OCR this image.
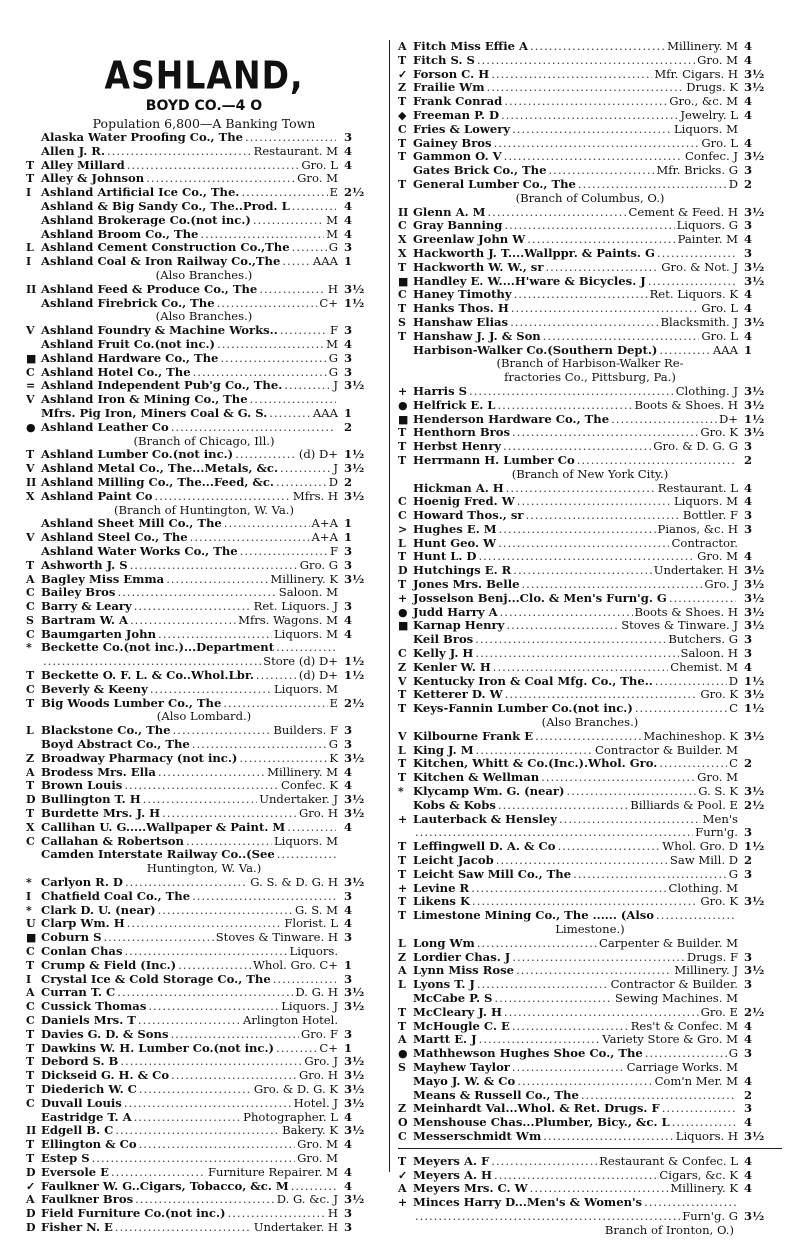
ASHLAND,
BOYD CO.—4 O
Population 6,800—A Banking Town
Alaska Water Proofing Co., The .....	3
Allen J. R. .....	Restaurant. M 4
T Alley Millard .....	Gro. L 4
T Alley & Johnson .....	Gro. M
I Ashland Artificial Ice Co., The. .....	E 2½
Ashland & Big Sandy Co., The..Prod. L .....	4
Ashland Brokerage Co.(not inc.) .....	M 4
Ashland Broom Co., The .....	M 4
L Ashland Cement Construction Co.,The .....	G 3
I Ashland Coal & Iron Railway Co.,The .....	AAA 1
(Also Branches.)
II Ashland Feed & Produce Co., The .....	H 3½
Ashland Firebrick Co., The .....	C+ 1½
(Also Branches.)
V Ashland Foundry & Machine Works.. .....	F 3
Ashland Fruit Co.(not inc.) .....	M 4
■ Ashland Hardware Co., The .....	G 3
C Ashland Hotel Co., The .....	G 3
= Ashland Independent Pub'g Co., The. .....	J 3½
V Ashland Iron & Mining Co., The
.....
Mfrs. Pig Iron, Miners Coal & G. S. .....	AAA 1
● Ashland Leather Co .....	2
(Branch of Chicago, Ill.)
T Ashland Lumber Co.(not inc.) .....	(d) D+ 1½
V Ashland Metal Co., The...Metals, &c. .....	J 3½
II Ashland Milling Co., The...Feed, &c. .....	D 2
X Ashland Paint Co .....	Mfrs. H 3½
(Branch of Huntington, W. Va.)
Ashland Sheet Mill Co., The .....	A+A 1
V Ashland Steel Co., The .....	A+A 1
Ashland Water Works Co., The .....	F 3
T Ashworth J. S .....	Gro. G 3
A Bagley Miss Emma .....	Millinery. K 3½
C Bailey Bros .....	Saloon. M
C Barry & Leary .....	Ret. Liquors. J 3
S Bartram W. A .....	Mfrs. Wagons. M 4
C Baumgarten John .....	Liquors. M 4
* Beckette Co.(not inc.)...Department
.....
.....
Store (d) D+ 1½
T Beckette O. F. L. & Co..Whol.Lbr. .....	(d) D+ 1½
C Beverly & Keeny .....	Liquors. M
T Big Woods Lumber Co., The .....	E 2½
(Also Lombard.)
L Blackstone Co., The .....	Builders. F 3
Boyd Abstract Co., The .....	G 3
Z Broadway Pharmacy (not inc.) .....	K 3½
A Brodess Mrs. Ella .....	Millinery. M 4
T Brown Louis .....	Confec. K 4
D Bullington T. H .....	Undertaker. J 3½
T Burdette Mrs. J. H .....	Gro. H 3½
X Callihan U. G.....Wallpaper & Paint. M .....	4
C Callahan & Robertson .....	Liquors. M
Camden Interstate Railway Co..(See
.....
Huntington, W. Va.)
* Carlyon R. D .....	G. S. & D. G. H 3½
I Chatfield Coal Co., The .....	3
* Clark D. U. (near) .....	G. S. M 4
U Clarp Wm. H .....	Florist. L 4
■ Coburn S .....	Stoves & Tinware. H 3
C Conlan Chas .....	Liquors.
T Crump & Field (Inc.) .....	Whol. Gro. C+ 1
I Crystal Ice & Cold Storage Co., The .....	3
A Curran T. C .....	D. G. H 3½
C Cussick Thomas .....	Liquors. J 3½
C Daniels Mrs. T .....	Arlington Hotel.
T Davies G. D. & Sons .....	Gro. F 3
T Dawkins W. H. Lumber Co.(not inc.) .....	C+ 1
T Debord S. B .....	Gro. J 3½
T Dickseid G. H. & Co .....	Gro. H 3½
T Diederich W. C .....	Gro. & D. G. K 3½
C Duvall Louis .....	Hotel. J 3½
Eastridge T. A .....	Photographer. L 4
II Edgell B. C .....	Bakery. K 3½
T Ellington & Co .....	Gro. M 4
T Estep S .....	Gro. M
D Eversole E .....	Furniture Repairer. M 4
✓ Faulkner W. G..Cigars, Tobacco, &c. M .....	4
A Faulkner Bros .....	D. G. &c. J 3½
D Field Furniture Co.(not inc.) .....	H 3
D Fisher N. E .....	Undertaker. H 3
A Fitch Miss Effie A .....	Millinery. M 4
T Fitch S. S .....	Gro. M 4
✓ Forson C. H .....	Mfr. Cigars. H 3½
Z Frailie Wm .....	Drugs. K 3½
T Frank Conrad .....	Gro., &c. M 4
◆ Freeman P. D .....	Jewelry. L 4
C Fries & Lowery .....	Liquors. M
T Gainey Bros .....	Gro. L 4
T Gammon O. V .....	Confec. J 3½
Gates Brick Co., The .....	Mfr. Bricks. G 3
T General Lumber Co., The .....	D 2
(Branch of Columbus, O.)
II Glenn A. M .....	Cement & Feed. H 3½
C Gray Banning .....	Liquors. G 3
X Greenlaw John W .....	Painter. M 4
X Hackworth J. T....Wallppr. & Paints. G .....	3
T Hackworth W. W., sr .....	Gro. & Not. J 3½
■ Handley E. W....H'ware & Bicycles. J .....	3½
C Haney Timothy .....	Ret. Liquors. K 4
T Hanks Thos. H .....	Gro. L 4
S Hanshaw Elias .....	Blacksmith. J 3½
T Hanshaw J. J. & Son .....	Gro. L 4
Harbison-Walker Co.(Southern Dept.) .....	AAA 1
(Branch of Harbison-Walker Re-
fractories Co., Pittsburg, Pa.)
+ Harris S .....	Clothing. J 3½
● Helfrick E. L .....	Boots & Shoes. H 3½
■ Henderson Hardware Co., The .....	D+ 1½
T Henthorn Bros .....	Gro. K 3½
T Herbst Henry .....	Gro. & D. G. G 3
T Herrmann H. Lumber Co .....	2
(Branch of New York City.)
Hickman A. H .....	Restaurant. L 4
C Hoenig Fred. W .....	Liquors. M 4
C Howard Thos., sr .....	Bottler. F 3
> Hughes E. M .....	Pianos, &c. H 3
L Hunt Geo. W .....	Contractor.
T Hunt L. D .....	Gro. M 4
D Hutchings E. R .....	Undertaker. H 3½
T Jones Mrs. Belle .....	Gro. J 3½
+ Josselson Benj...Clo. & Men's Furn'g. G .....	3½
● Judd Harry A .....	Boots & Shoes. H 3½
■ Karnap Henry .....	Stoves & Tinware. J 3½
Keil Bros .....	Butchers. G 3
C Kelly J. H .....	Saloon. H 3
Z Kenler W. H .....	Chemist. M 4
V Kentucky Iron & Coal Mfg. Co., The.. .....	D 1½
T Ketterer D. W .....	Gro. K 3½
T Keys-Fannin Lumber Co.(not inc.) .....	C 1½
(Also Branches.)
V Kilbourne Frank E .....	Machineshop. K 3½
L King J. M .....	Contractor & Builder. M
T Kitchen, Whitt & Co.(Inc.).Whol. Gro. .....	C 2
T Kitchen & Wellman .....	Gro. M
* Klycamp Wm. G. (near) .....	G. S. K 3½
Kobs & Kobs .....	Billiards & Pool. E 2½
+ Lauterback & Hensley .....	Men's
.....
Furn'g. 3
T Leffingwell D. A. & Co .....	Whol. Gro. D 1½
T Leicht Jacob .....	Saw Mill. D 2
T Leicht Saw Mill Co., The .....	G 3
+ Levine R .....	Clothing. M
T Likens K .....	Gro. K 3½
T Limestone Mining Co., The ...... (Also
.....
Limestone.)
L Long Wm .....	Carpenter & Builder. M
Z Lordier Chas. J .....	Drugs. F 3
A Lynn Miss Rose .....	Millinery. J 3½
L Lyons T. J .....	Contractor & Builder. 3
McCabe P. S .....	Sewing Machines. M
T McCleary J. H .....	Gro. E 2½
T McHougle C. E .....	Res't & Confec. M 4
A Martt E. J .....	Variety Store & Gro. M 4
● Mathhewson Hughes Shoe Co., The .....	G 3
S Mayhew Taylor .....	Carriage Works. M
Mayo J. W. & Co .....	Com'n Mer. M 4
Means & Russell Co., The .....	2
Z Meinhardt Val...Whol. & Ret. Drugs. F .....	3
O Menshouse Chas...Plumber, Bicy., &c. L .....	4
C Messerschmidt Wm .....	Liquors. H 3½
T Meyers A. F .....	Restaurant & Confec. L 4
✓ Meyers A. H .....	Cigars, &c. K 4
A Meyers Mrs. C. W .....	Millinery. K 4
+ Minces Harry D...Men's & Women's
.....
.....
Furn'g. G 3½
Branch of Ironton, O.)
